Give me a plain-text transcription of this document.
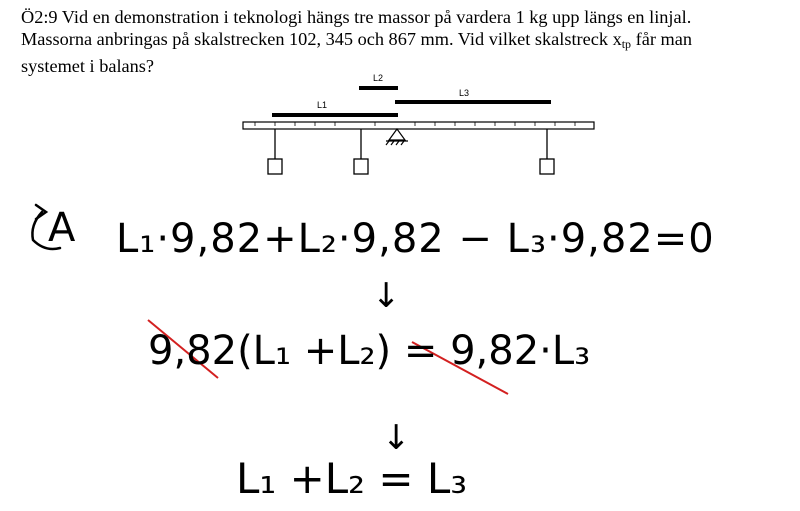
Ö2:9 Vid en demonstration i teknologi hängs tre massor på vardera 1 kg upp längs en linjal.
Massorna anbringas på skalstrecken 102, 345 och 867 mm. Vid vilket skalstreck $x_{tp}$ får man
systemet i balans?
L1
L2
L3
A L₁·9,82+L₂·9,82 − L₃·9,82=0
↓
9,82(L₁ +L₂) = 9,82·L₃
↓
L₁ +L₂ = L₃
